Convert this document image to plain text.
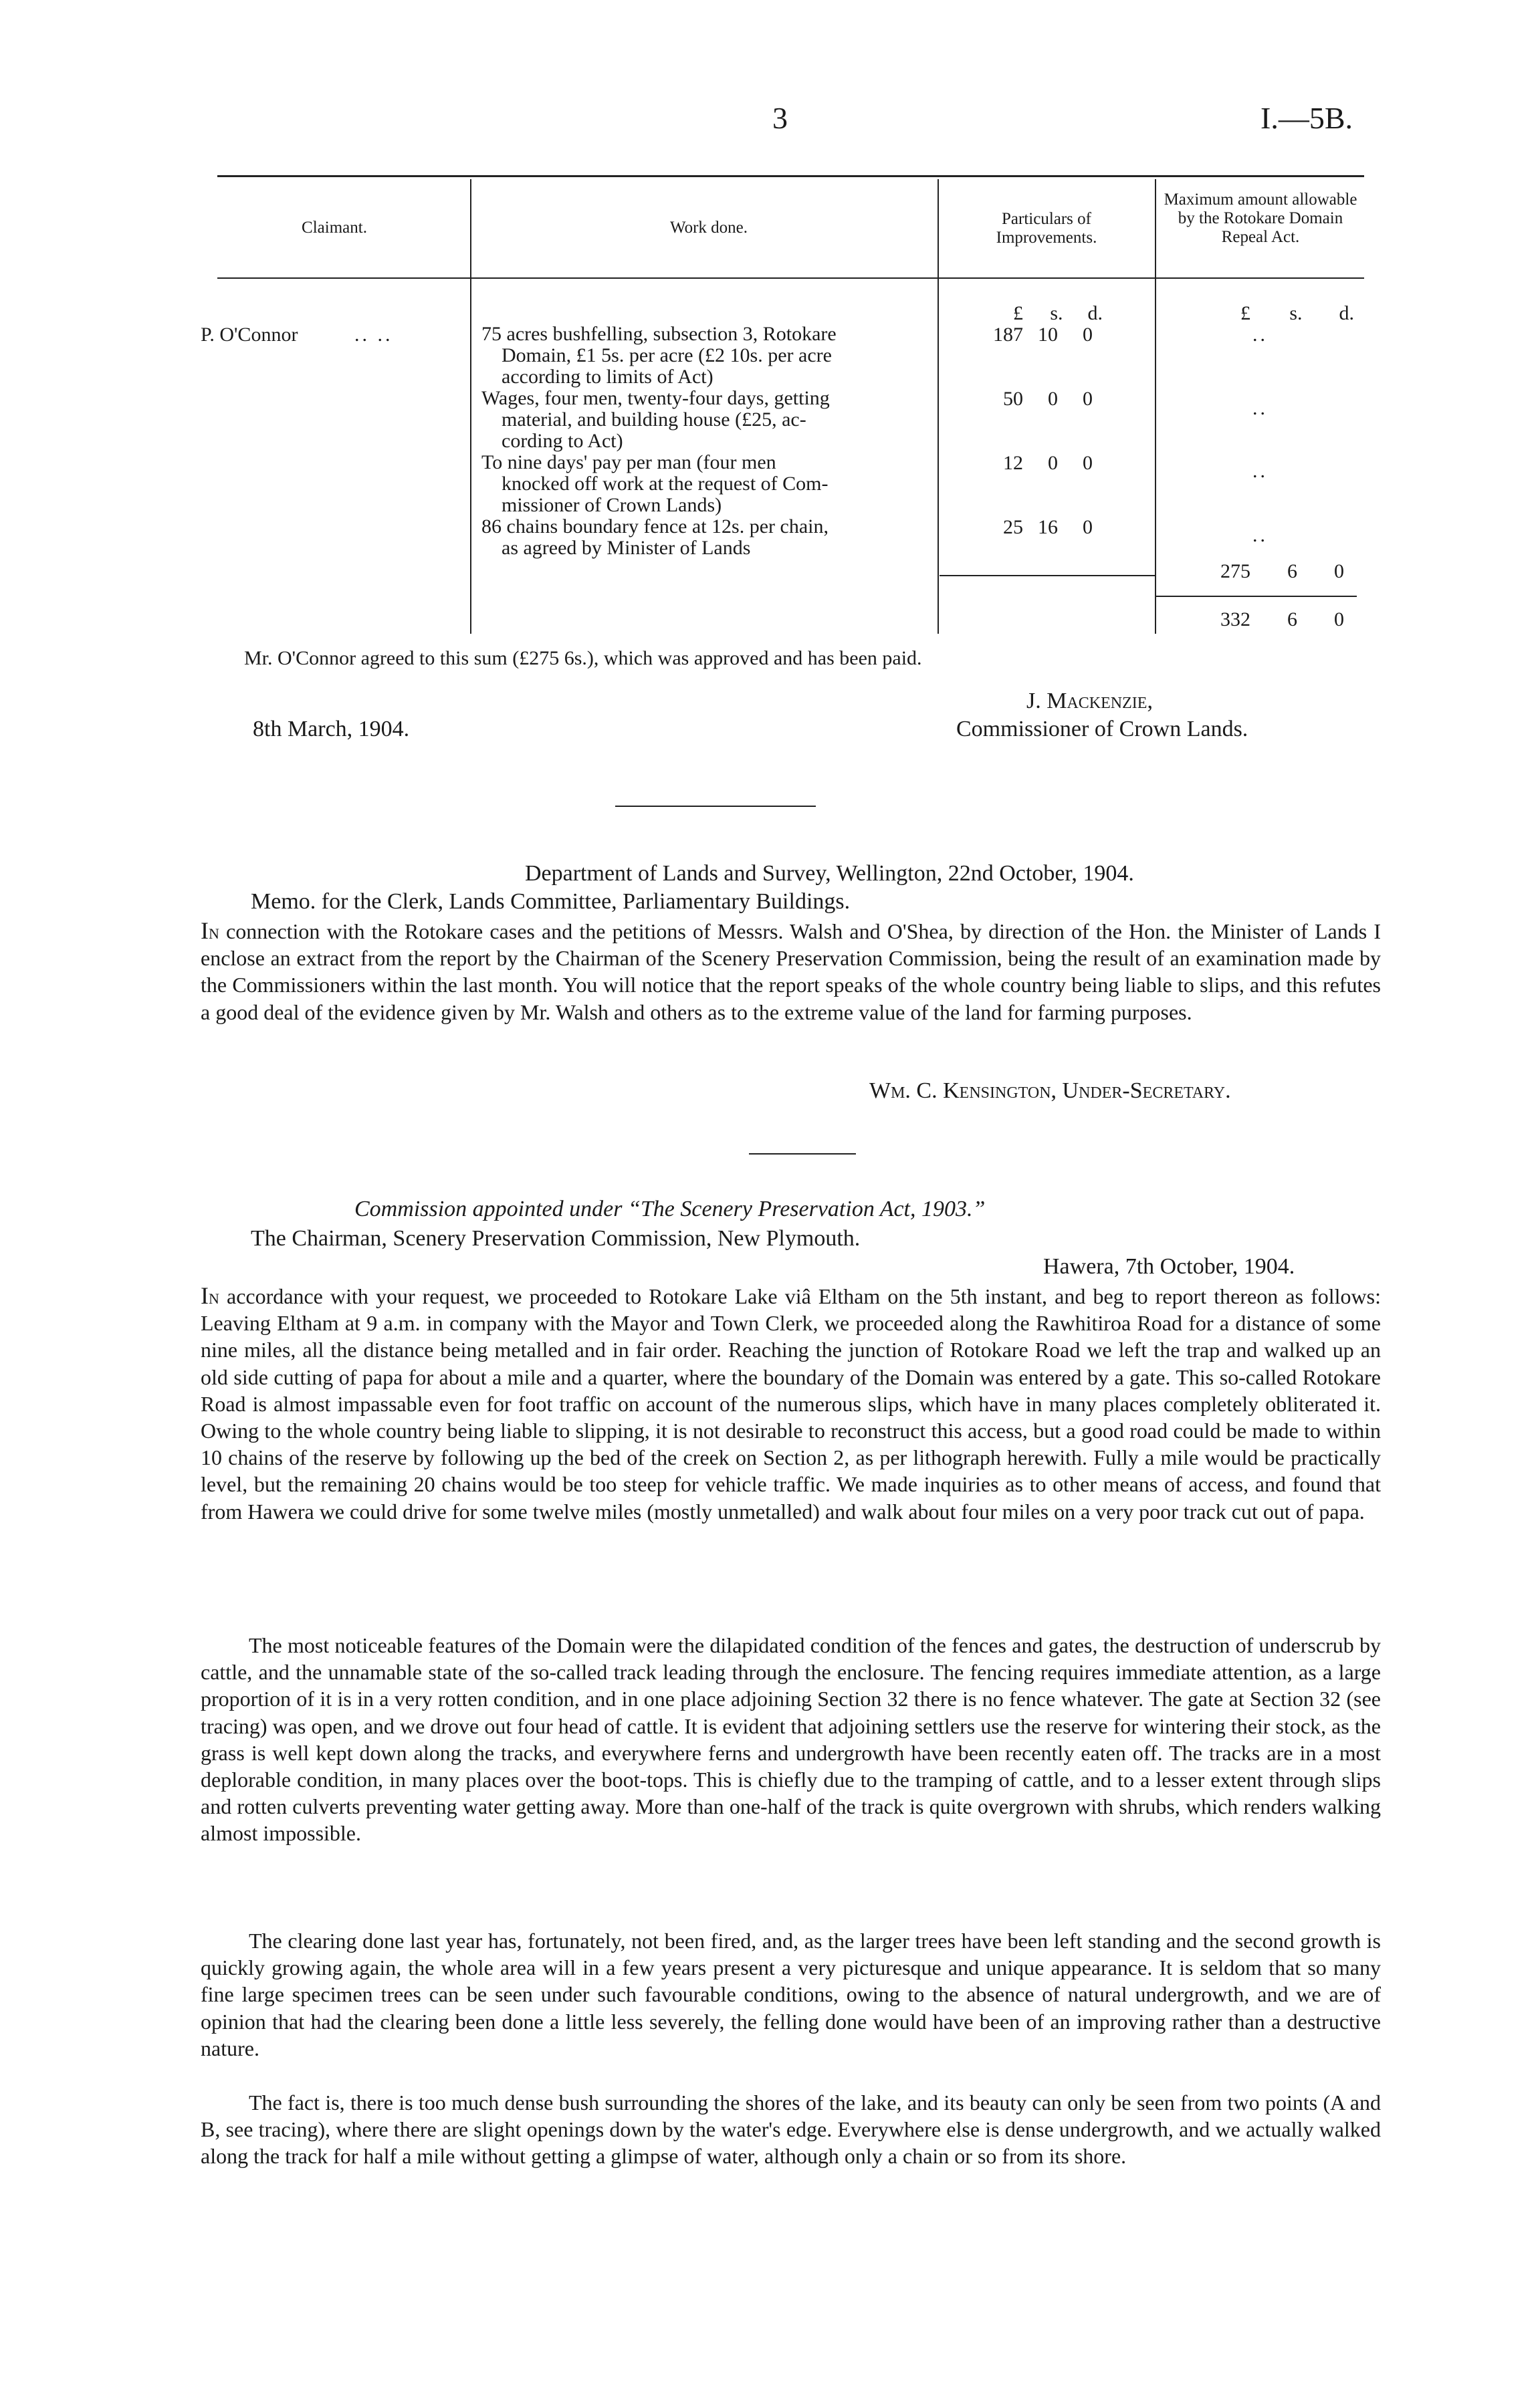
3	I.—5B.
Claimant.	Work done.	Particulars of Improvements.
Maximum amount allowable by the Rotokare Domain Repeal Act.
£ s. d.	£ s. d.
P. O'Connor	.. ..	75 acres bushfelling, subsection 3, Rotokare
Domain, £1 5s. per acre (£2 10s. per acre
according to limits of Act)
187 10 0	..
Wages, four men, twenty-four days, getting
material, and building house (£25, ac-
cording to Act)
50 0 0	..
To nine days' pay per man (four men
knocked off work at the request of Com-
missioner of Crown Lands)
12 0 0	..
86 chains boundary fence at 12s. per chain,
as agreed by Minister of Lands
25 16 0	..
275 6 0
332 6 0
Mr. O'Connor agreed to this sum (£275 6s.), which was approved and has been paid.
J. Mackenzie,
8th March, 1904.	Commissioner of Crown Lands.
Department of Lands and Survey, Wellington, 22nd October, 1904.
Memo. for the Clerk, Lands Committee, Parliamentary Buildings.
In connection with the Rotokare cases and the petitions of Messrs. Walsh and O'Shea, by direction of the Hon. the Minister of Lands I enclose an extract from the report by the Chairman of the Scenery Preservation Commission, being the result of an examination made by the Commissioners within the last month. You will notice that the report speaks of the whole country being liable to slips, and this refutes a good deal of the evidence given by Mr. Walsh and others as to the extreme value of the land for farming purposes.
Wm. C. Kensington, Under-Secretary.
Commission appointed under “The Scenery Preservation Act, 1903.”
The Chairman, Scenery Preservation Commission, New Plymouth.
Hawera, 7th October, 1904.
In accordance with your request, we proceeded to Rotokare Lake viâ Eltham on the 5th instant, and beg to report thereon as follows: Leaving Eltham at 9 a.m. in company with the Mayor and Town Clerk, we proceeded along the Rawhitiroa Road for a distance of some nine miles, all the distance being metalled and in fair order. Reaching the junction of Rotokare Road we left the trap and walked up an old side cutting of papa for about a mile and a quarter, where the boundary of the Domain was entered by a gate. This so-called Rotokare Road is almost impassable even for foot traffic on account of the numerous slips, which have in many places completely obliterated it. Owing to the whole country being liable to slipping, it is not desirable to reconstruct this access, but a good road could be made to within 10 chains of the reserve by following up the bed of the creek on Section 2, as per lithograph herewith. Fully a mile would be practically level, but the remaining 20 chains would be too steep for vehicle traffic. We made inquiries as to other means of access, and found that from Hawera we could drive for some twelve miles (mostly unmetalled) and walk about four miles on a very poor track cut out of papa.
The most noticeable features of the Domain were the dilapidated condition of the fences and gates, the destruction of underscrub by cattle, and the unnamable state of the so-called track leading through the enclosure. The fencing requires immediate attention, as a large proportion of it is in a very rotten condition, and in one place adjoining Section 32 there is no fence whatever. The gate at Section 32 (see tracing) was open, and we drove out four head of cattle. It is evident that adjoining settlers use the reserve for wintering their stock, as the grass is well kept down along the tracks, and everywhere ferns and undergrowth have been recently eaten off. The tracks are in a most deplorable condition, in many places over the boot-tops. This is chiefly due to the tramping of cattle, and to a lesser extent through slips and rotten culverts preventing water getting away. More than one-half of the track is quite overgrown with shrubs, which renders walking almost impossible.
The clearing done last year has, fortunately, not been fired, and, as the larger trees have been left standing and the second growth is quickly growing again, the whole area will in a few years present a very picturesque and unique appearance. It is seldom that so many fine large specimen trees can be seen under such favourable conditions, owing to the absence of natural undergrowth, and we are of opinion that had the clearing been done a little less severely, the felling done would have been of an improving rather than a destructive nature.
The fact is, there is too much dense bush surrounding the shores of the lake, and its beauty can only be seen from two points (A and B, see tracing), where there are slight openings down by the water's edge. Everywhere else is dense undergrowth, and we actually walked along the track for half a mile without getting a glimpse of water, although only a chain or so from its shore.
